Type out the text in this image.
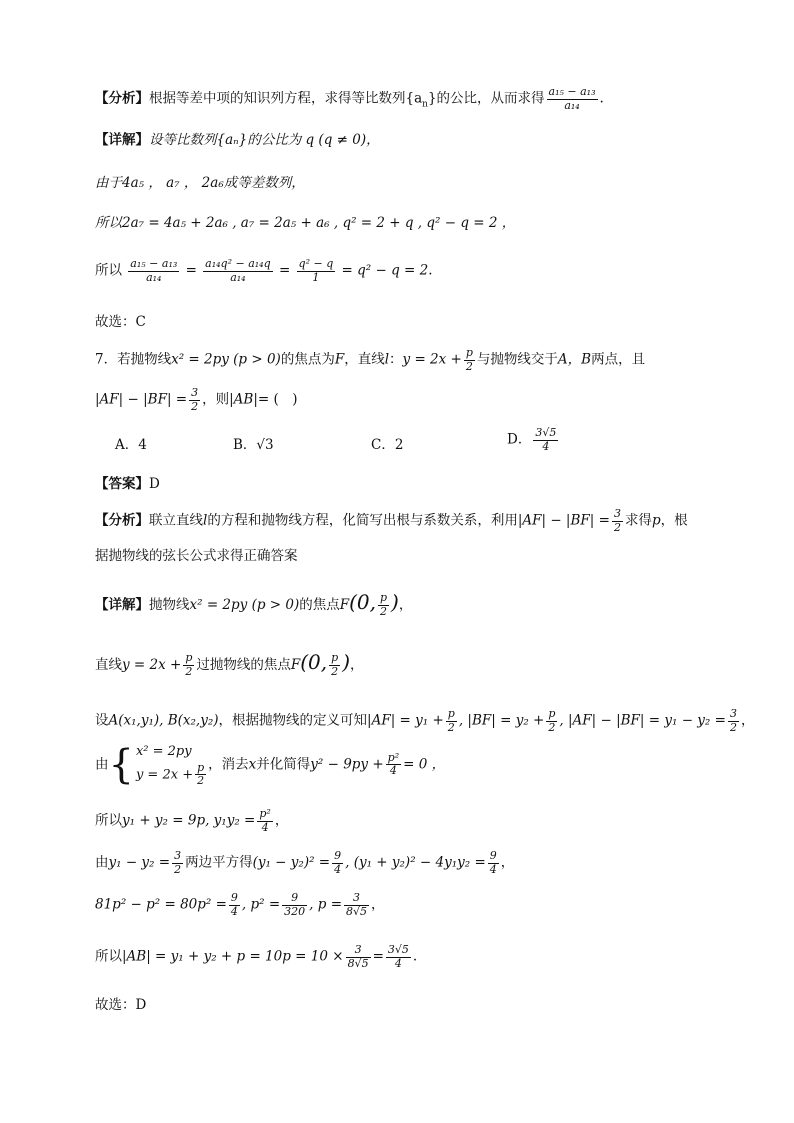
【分析】根据等差中项的知识列方程，求得等比数列$\{a_n\}$的公比，从而求得 $\frac{\text{a₁₅ − a₁₃}}{\text{a₁₄}}$ .
【详解】设等比数列{aₙ}的公比为 q (q ≠ 0)，
由于4a₅ ， a₇ ， 2a₆成等差数列，
所以2a₇ = 4a₅ + 2a₆ , a₇ = 2a₅ + a₆ , q² = 2 + q , q² − q = 2 ，
所以 $\frac{\text{a₁₅ − a₁₃}}{\text{a₁₄}} = \frac{\text{a₁₄q² − a₁₄q}}{\text{a₁₄}} = \frac{\text{q² − q}}{1} = q^2 - q = 2$.
故选：C
7．若抛物线x² = 2py (p > 0)的焦点为F，直线l：$y = 2x + \frac{p}{2}$ 与抛物线交于A，B两点，且
$|AF| - |BF| = \frac{3}{2}$ ，则|AB|= (　)
A．4	B．√3	C．2	D． $\frac{3√5}{4}$
【答案】D
【分析】联立直线l的方程和抛物线方程，化简写出根与系数关系，利用$|AF| - |BF| = \frac{3}{2}$ 求得p，根
据抛物线的弦长公式求得正确答案
【详解】抛物线x² = 2py (p > 0)的焦点F(0, $\frac{p}{2}$ )，
直线$y = 2x + \frac{p}{2}$ 过抛物线的焦点F(0, $\frac{p}{2}$ )，
设A(x₁,y₁), B(x₂,y₂)，根据抛物线的定义可知$|AF| = y_1 + \frac{p}{2}$ , $|BF| = y_2 + \frac{p}{2}$ , $|AF| - |BF| = y_1 - y_2 = \frac{3}{2}$ ，
由{ x² = 2py
$y = 2x + \frac{p}{2}$ ，消去x并化简得$y^2 - 9py + \frac{\text{p²}}{4} = 0$ ，
所以y₁ + y₂ = 9p, $y_1y_2 = \frac{\text{p²}}{4}$ ，
由$y_1 - y_2 = \frac{3}{2}$ 两边平方得$(y_1 - y_2)^2 = \frac{9}{4}$ , $(y_1 + y_2)^2 - 4y_1y_2 = \frac{9}{4}$ ，
$81p^2 - p^2 = 80p^2 = \frac{9}{4}$ , $p^2 = \frac{9}{320}$ , $p = \frac{3}{8√5}$ ，
所以$|AB| = y_1 + y_2 + p = 10p = 10 \times \frac{3}{8√5} = \frac{3√5}{4}$ .
故选：D
